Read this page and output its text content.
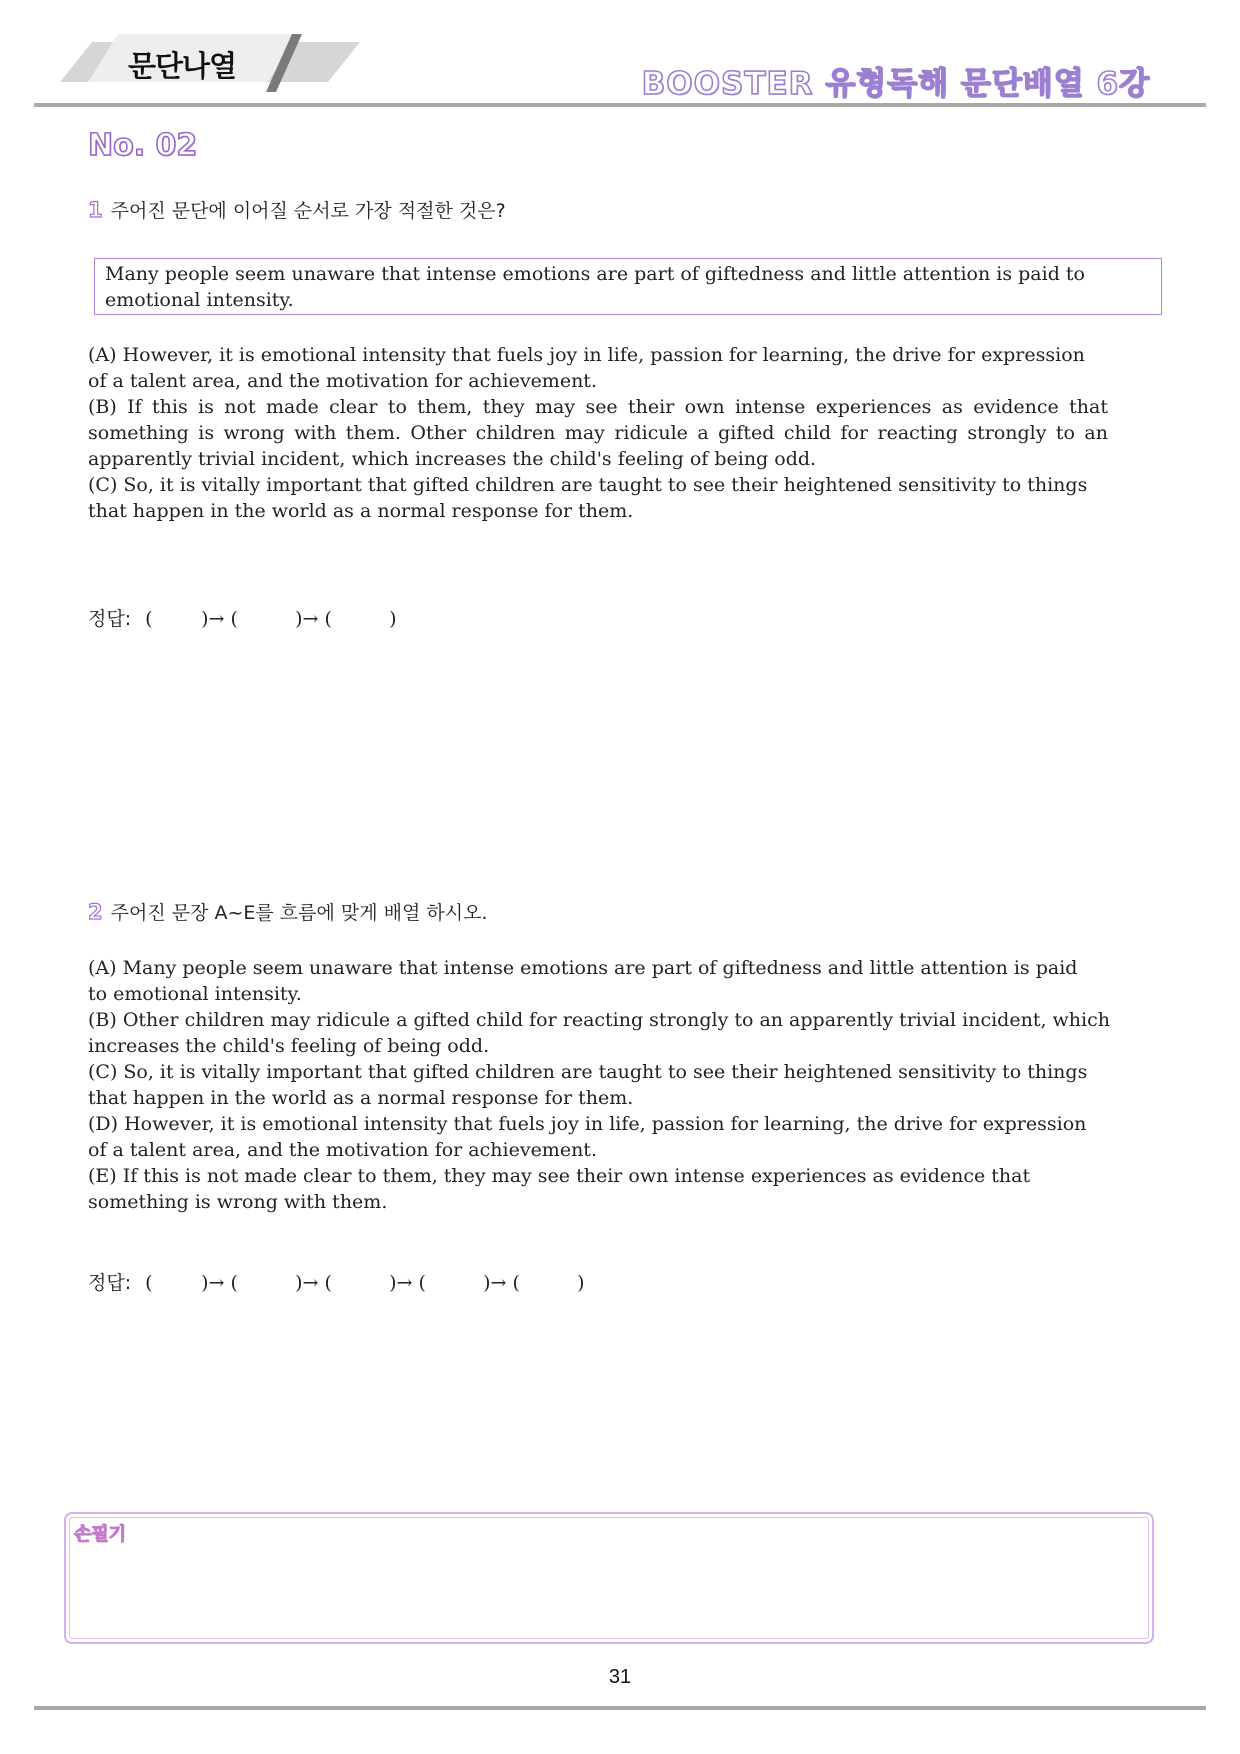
문단나열	BOOSTER 유형독해 문단배열 6강
No. 02
1 주어진 문단에 이어질 순서로 가장 적절한 것은?
Many people seem unaware that intense emotions are part of giftedness and little attention is paid to emotional intensity.

(A) However, it is emotional intensity that fuels joy in life, passion for learning, the drive for expression

of a talent area, and the motivation for achievement.

(B) If this is not made clear to them, they may see their own intense experiences as evidence that something is wrong with them. Other children may ridicule a gifted child for reacting strongly to an apparently trivial incident, which increases the child's feeling of being odd.

(C) So, it is vitally important that gifted children are taught to see their heightened sensitivity to things that happen in the world as a normal response for them.

정답: (	)→ (	)→ (	)
2 주어진 문장 A~E를 흐름에 맞게 배열 하시오.

(A) Many people seem unaware that intense emotions are part of giftedness and little attention is paid to emotional intensity.

(B) Other children may ridicule a gifted child for reacting strongly to an apparently trivial incident, which increases the child's feeling of being odd.

(C) So, it is vitally important that gifted children are taught to see their heightened sensitivity to things that happen in the world as a normal response for them.

(D) However, it is emotional intensity that fuels joy in life, passion for learning, the drive for expression

of a talent area, and the motivation for achievement.

(E) If this is not made clear to them, they may see their own intense experiences as evidence that something is wrong with them.

정답: (	)→ (	)→ (	)→ (	)→ (	)
손필기
31
